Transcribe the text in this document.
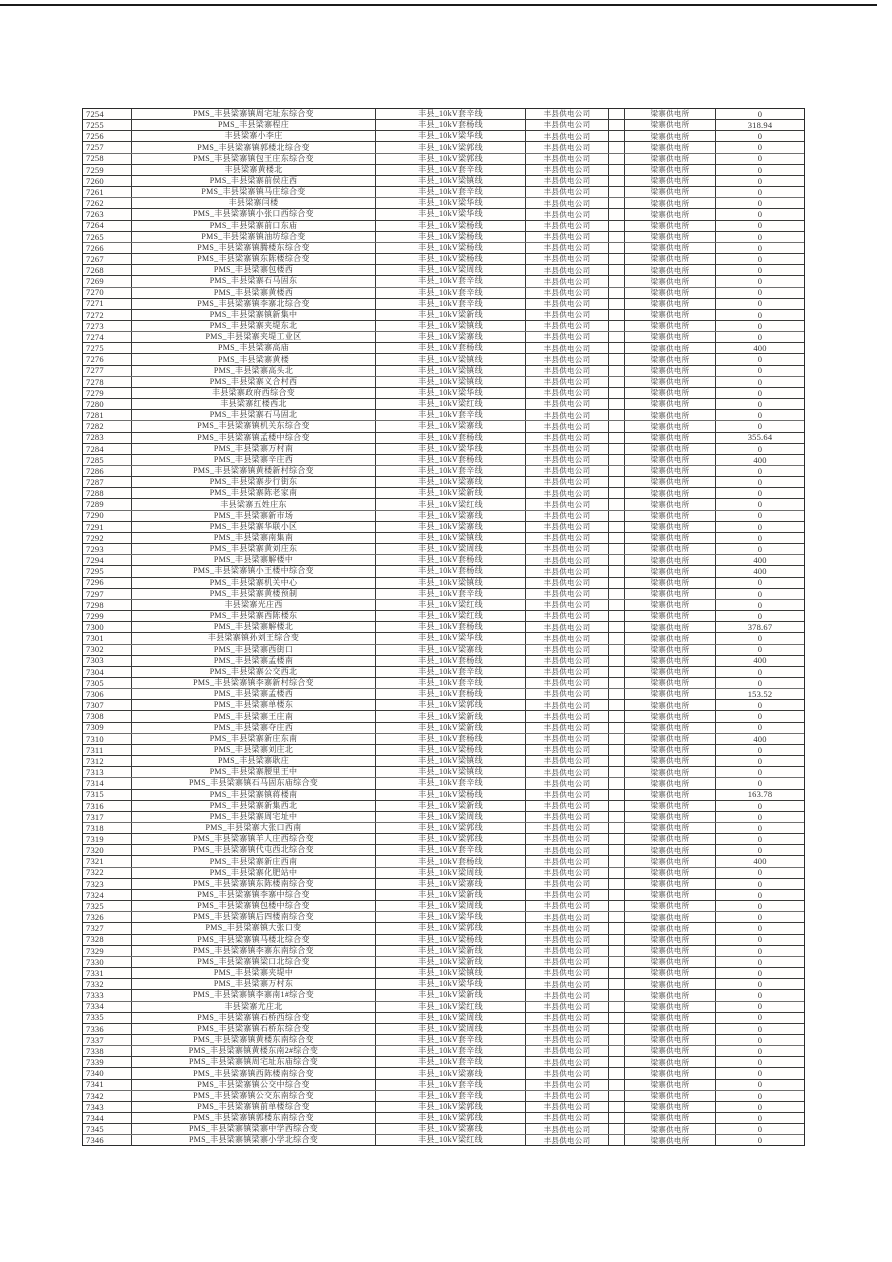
7254	PMS_丰县梁寨镇周宅址东综合变	丰县_10kV套辛线	丰县供电公司	梁寨供电所	0
7255	PMS_丰县梁寨程庄	丰县_10kV套杨线	丰县供电公司	梁寨供电所	318.94
7256	丰县梁寨小李庄	丰县_10kV梁华线	丰县供电公司	梁寨供电所	0
7257	PMS_丰县梁寨镇郭楼北综合变	丰县_10kV梁郭线	丰县供电公司	梁寨供电所	0
7258	PMS_丰县梁寨镇包王庄东综合变	丰县_10kV梁郭线	丰县供电公司	梁寨供电所	0
7259	丰县梁寨黄楼北	丰县_10kV套辛线	丰县供电公司	梁寨供电所	0
7260	PMS_丰县梁寨前侯庄西	丰县_10kV梁镇线	丰县供电公司	梁寨供电所	0
7261	PMS_丰县梁寨镇马庄综合变	丰县_10kV套辛线	丰县供电公司	梁寨供电所	0
7262	丰县梁寨闫楼	丰县_10kV梁华线	丰县供电公司	梁寨供电所	0
7263	PMS_丰县梁寨镇小张口西综合变	丰县_10kV梁华线	丰县供电公司	梁寨供电所	0
7264	PMS_丰县梁寨前口东庙	丰县_10kV梁杨线	丰县供电公司	梁寨供电所	0
7265	PMS_丰县梁寨镇油坊综合变	丰县_10kV梁杨线	丰县供电公司	梁寨供电所	0
7266	PMS_丰县梁寨镇腾楼东综合变	丰县_10kV梁杨线	丰县供电公司	梁寨供电所	0
7267	PMS_丰县梁寨镇东陈楼综合变	丰县_10kV梁杨线	丰县供电公司	梁寨供电所	0
7268	PMS_丰县梁寨包楼西	丰县_10kV梁周线	丰县供电公司	梁寨供电所	0
7269	PMS_丰县梁寨石马固东	丰县_10kV套辛线	丰县供电公司	梁寨供电所	0
7270	PMS_丰县梁寨黄楼西	丰县_10kV套辛线	丰县供电公司	梁寨供电所	0
7271	PMS_丰县梁寨镇李寨北综合变	丰县_10kV套辛线	丰县供电公司	梁寨供电所	0
7272	PMS_丰县梁寨镇新集中	丰县_10kV梁新线	丰县供电公司	梁寨供电所	0
7273	PMS_丰县梁寨夹堤东北	丰县_10kV梁镇线	丰县供电公司	梁寨供电所	0
7274	PMS_丰县梁寨夹堤工业区	丰县_10kV梁寨线	丰县供电公司	梁寨供电所	0
7275	PMS_丰县梁寨高庙	丰县_10kV套杨线	丰县供电公司	梁寨供电所	400
7276	PMS_丰县梁寨黄楼	丰县_10kV梁镇线	丰县供电公司	梁寨供电所	0
7277	PMS_丰县梁寨高头北	丰县_10kV梁镇线	丰县供电公司	梁寨供电所	0
7278	PMS_丰县梁寨义合村西	丰县_10kV梁镇线	丰县供电公司	梁寨供电所	0
7279	丰县梁寨政府西综合变	丰县_10kV梁华线	丰县供电公司	梁寨供电所	0
7280	丰县梁寨红楼西北	丰县_10kV梁红线	丰县供电公司	梁寨供电所	0
7281	PMS_丰县梁寨石马固北	丰县_10kV套辛线	丰县供电公司	梁寨供电所	0
7282	PMS_丰县梁寨镇机关东综合变	丰县_10kV梁寨线	丰县供电公司	梁寨供电所	0
7283	PMS_丰县梁寨镇孟楼中综合变	丰县_10kV套杨线	丰县供电公司	梁寨供电所	355.64
7284	PMS_丰县梁寨万村南	丰县_10kV梁华线	丰县供电公司	梁寨供电所	0
7285	PMS_丰县梁寨辛庄西	丰县_10kV套杨线	丰县供电公司	梁寨供电所	400
7286	PMS_丰县梁寨镇黄楼新村综合变	丰县_10kV套辛线	丰县供电公司	梁寨供电所	0
7287	PMS_丰县梁寨步行街东	丰县_10kV梁寨线	丰县供电公司	梁寨供电所	0
7288	PMS_丰县梁寨陈老家南	丰县_10kV梁新线	丰县供电公司	梁寨供电所	0
7289	丰县梁寨五姓庄东	丰县_10kV梁红线	丰县供电公司	梁寨供电所	0
7290	PMS_丰县梁寨新市场	丰县_10kV梁寨线	丰县供电公司	梁寨供电所	0
7291	PMS_丰县梁寨华联小区	丰县_10kV梁寨线	丰县供电公司	梁寨供电所	0
7292	PMS_丰县梁寨南集南	丰县_10kV梁镇线	丰县供电公司	梁寨供电所	0
7293	PMS_丰县梁寨黄刘庄东	丰县_10kV梁周线	丰县供电公司	梁寨供电所	0
7294	PMS_丰县梁寨解楼中	丰县_10kV套杨线	丰县供电公司	梁寨供电所	400
7295	PMS_丰县梁寨镇小王楼中综合变	丰县_10kV套杨线	丰县供电公司	梁寨供电所	400
7296	PMS_丰县梁寨机关中心	丰县_10kV梁镇线	丰县供电公司	梁寨供电所	0
7297	PMS_丰县梁寨黄楼预制	丰县_10kV套辛线	丰县供电公司	梁寨供电所	0
7298	丰县梁寨光庄西	丰县_10kV梁红线	丰县供电公司	梁寨供电所	0
7299	PMS_丰县梁寨西陈楼东	丰县_10kV梁红线	丰县供电公司	梁寨供电所	0
7300	PMS_丰县梁寨解楼北	丰县_10kV套杨线	丰县供电公司	梁寨供电所	378.67
7301	丰县梁寨镇孙刘王综合变	丰县_10kV梁华线	丰县供电公司	梁寨供电所	0
7302	PMS_丰县梁寨西街口	丰县_10kV梁寨线	丰县供电公司	梁寨供电所	0
7303	PMS_丰县梁寨孟楼南	丰县_10kV套杨线	丰县供电公司	梁寨供电所	400
7304	PMS_丰县梁寨公交西北	丰县_10kV套辛线	丰县供电公司	梁寨供电所	0
7305	PMS_丰县梁寨镇李寨新村综合变	丰县_10kV套辛线	丰县供电公司	梁寨供电所	0
7306	PMS_丰县梁寨孟楼西	丰县_10kV套杨线	丰县供电公司	梁寨供电所	153.52
7307	PMS_丰县梁寨单楼东	丰县_10kV梁郭线	丰县供电公司	梁寨供电所	0
7308	PMS_丰县梁寨王庄南	丰县_10kV梁新线	丰县供电公司	梁寨供电所	0
7309	PMS_丰县梁寨夺庄西	丰县_10kV梁新线	丰县供电公司	梁寨供电所	0
7310	PMS_丰县梁寨新庄东南	丰县_10kV套杨线	丰县供电公司	梁寨供电所	400
7311	PMS_丰县梁寨刘庄北	丰县_10kV梁杨线	丰县供电公司	梁寨供电所	0
7312	PMS_丰县梁寨耿庄	丰县_10kV梁镇线	丰县供电公司	梁寨供电所	0
7313	PMS_丰县梁寨腰里王中	丰县_10kV梁镇线	丰县供电公司	梁寨供电所	0
7314	PMS_丰县梁寨镇石马固东庙综合变	丰县_10kV套辛线	丰县供电公司	梁寨供电所	0
7315	PMS_丰县梁寨镇蒋楼南	丰县_10kV梁杨线	丰县供电公司	梁寨供电所	163.78
7316	PMS_丰县梁寨新集西北	丰县_10kV梁新线	丰县供电公司	梁寨供电所	0
7317	PMS_丰县梁寨周宅址中	丰县_10kV梁周线	丰县供电公司	梁寨供电所	0
7318	PMS_丰县梁寨大张口西南	丰县_10kV梁郭线	丰县供电公司	梁寨供电所	0
7319	PMS_丰县梁寨镇羊人庄西综合变	丰县_10kV梁郭线	丰县供电公司	梁寨供电所	0
7320	PMS_丰县梁寨镇代屯西北综合变	丰县_10kV套辛线	丰县供电公司	梁寨供电所	0
7321	PMS_丰县梁寨新庄西南	丰县_10kV套杨线	丰县供电公司	梁寨供电所	400
7322	PMS_丰县梁寨化肥站中	丰县_10kV梁周线	丰县供电公司	梁寨供电所	0
7323	PMS_丰县梁寨镇东陈楼南综合变	丰县_10kV梁寨线	丰县供电公司	梁寨供电所	0
7324	PMS_丰县梁寨镇李寨中综合变	丰县_10kV梁新线	丰县供电公司	梁寨供电所	0
7325	PMS_丰县梁寨镇包楼中综合变	丰县_10kV梁周线	丰县供电公司	梁寨供电所	0
7326	PMS_丰县梁寨镇后四楼南综合变	丰县_10kV梁华线	丰县供电公司	梁寨供电所	0
7327	PMS_丰县梁寨镇大张口变	丰县_10kV梁郭线	丰县供电公司	梁寨供电所	0
7328	PMS_丰县梁寨镇马楼北综合变	丰县_10kV梁杨线	丰县供电公司	梁寨供电所	0
7329	PMS_丰县梁寨镇李寨东南综合变	丰县_10kV梁新线	丰县供电公司	梁寨供电所	0
7330	PMS_丰县梁寨镇梁口北综合变	丰县_10kV梁新线	丰县供电公司	梁寨供电所	0
7331	PMS_丰县梁寨夹堤中	丰县_10kV梁镇线	丰县供电公司	梁寨供电所	0
7332	PMS_丰县梁寨万村东	丰县_10kV梁华线	丰县供电公司	梁寨供电所	0
7333	PMS_丰县梁寨镇李寨南1#综合变	丰县_10kV梁新线	丰县供电公司	梁寨供电所	0
7334	丰县梁寨尤庄北	丰县_10kV梁红线	丰县供电公司	梁寨供电所	0
7335	PMS_丰县梁寨镇石桥西综合变	丰县_10kV梁周线	丰县供电公司	梁寨供电所	0
7336	PMS_丰县梁寨镇石桥东综合变	丰县_10kV梁周线	丰县供电公司	梁寨供电所	0
7337	PMS_丰县梁寨镇黄楼东南综合变	丰县_10kV套辛线	丰县供电公司	梁寨供电所	0
7338	PMS_丰县梁寨镇黄楼东南2#综合变	丰县_10kV套辛线	丰县供电公司	梁寨供电所	0
7339	PMS_丰县梁寨镇周宅址东庙综合变	丰县_10kV套辛线	丰县供电公司	梁寨供电所	0
7340	PMS_丰县梁寨镇西陈楼南综合变	丰县_10kV梁寨线	丰县供电公司	梁寨供电所	0
7341	PMS_丰县梁寨镇公交中综合变	丰县_10kV套辛线	丰县供电公司	梁寨供电所	0
7342	PMS_丰县梁寨镇公交东南综合变	丰县_10kV套辛线	丰县供电公司	梁寨供电所	0
7343	PMS_丰县梁寨镇前单楼综合变	丰县_10kV梁郭线	丰县供电公司	梁寨供电所	0
7344	PMS_丰县梁寨镇郭楼东南综合变	丰县_10kV梁郭线	丰县供电公司	梁寨供电所	0
7345	PMS_丰县梁寨镇梁寨中学西综合变	丰县_10kV梁寨线	丰县供电公司	梁寨供电所	0
7346	PMS_丰县梁寨镇梁寨小学北综合变	丰县_10kV梁红线	丰县供电公司	梁寨供电所	0
